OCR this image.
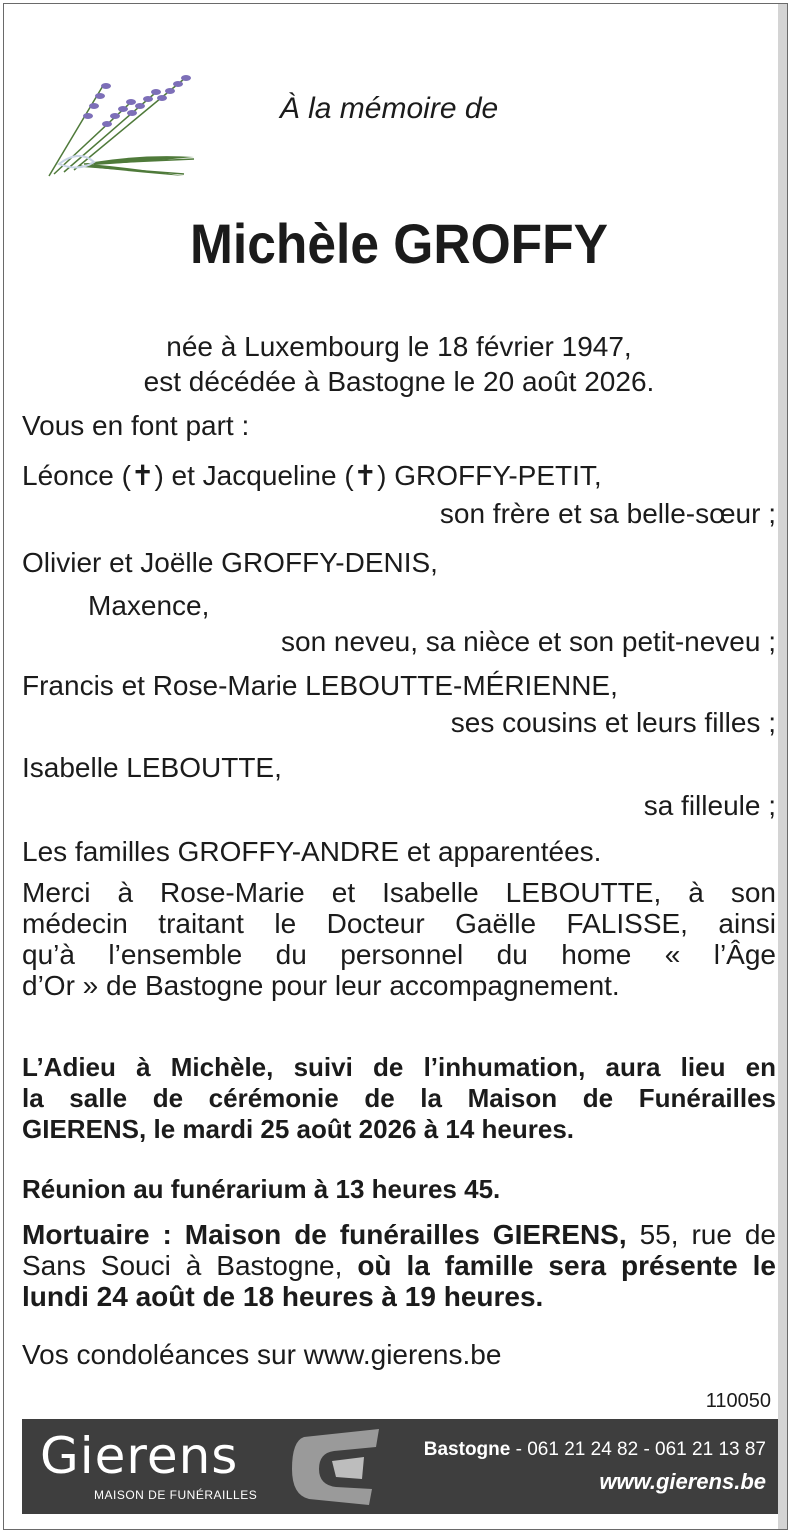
À la mémoire de
Michèle GROFFY
née à Luxembourg le 18 février 1947,
est décédée à Bastogne le 20 août 2026.
Vous en font part :
Léonce (✝) et Jacqueline (✝) GROFFY-PETIT,
son frère et sa belle-sœur ;
Olivier et Joëlle GROFFY-DENIS,
Maxence,
son neveu, sa nièce et son petit-neveu ;
Francis et Rose-Marie LEBOUTTE-MÉRIENNE,
ses cousins et leurs filles ;
Isabelle LEBOUTTE,
sa filleule ;
Les familles GROFFY-ANDRE et apparentées.
Merci à Rose-Marie et Isabelle LEBOUTTE, à son
médecin traitant le Docteur Gaëlle FALISSE, ainsi
qu’à l’ensemble du personnel du home « l’Âge
d’Or » de Bastogne pour leur accompagnement.
L’Adieu à Michèle, suivi de l’inhumation, aura lieu en
la salle de cérémonie de la Maison de Funérailles
GIERENS, le mardi 25 août 2026 à 14 heures.
Réunion au funérarium à 13 heures 45.
Mortuaire : Maison de funérailles GIERENS, 55, rue de
Sans Souci à Bastogne, où la famille sera présente le
lundi 24 août de 18 heures à 19 heures.
Vos condoléances sur www.gierens.be
110050
Gierens
MAISON DE FUNÉRAILLES
Bastogne - 061 21 24 82 - 061 21 13 87
www.gierens.be
